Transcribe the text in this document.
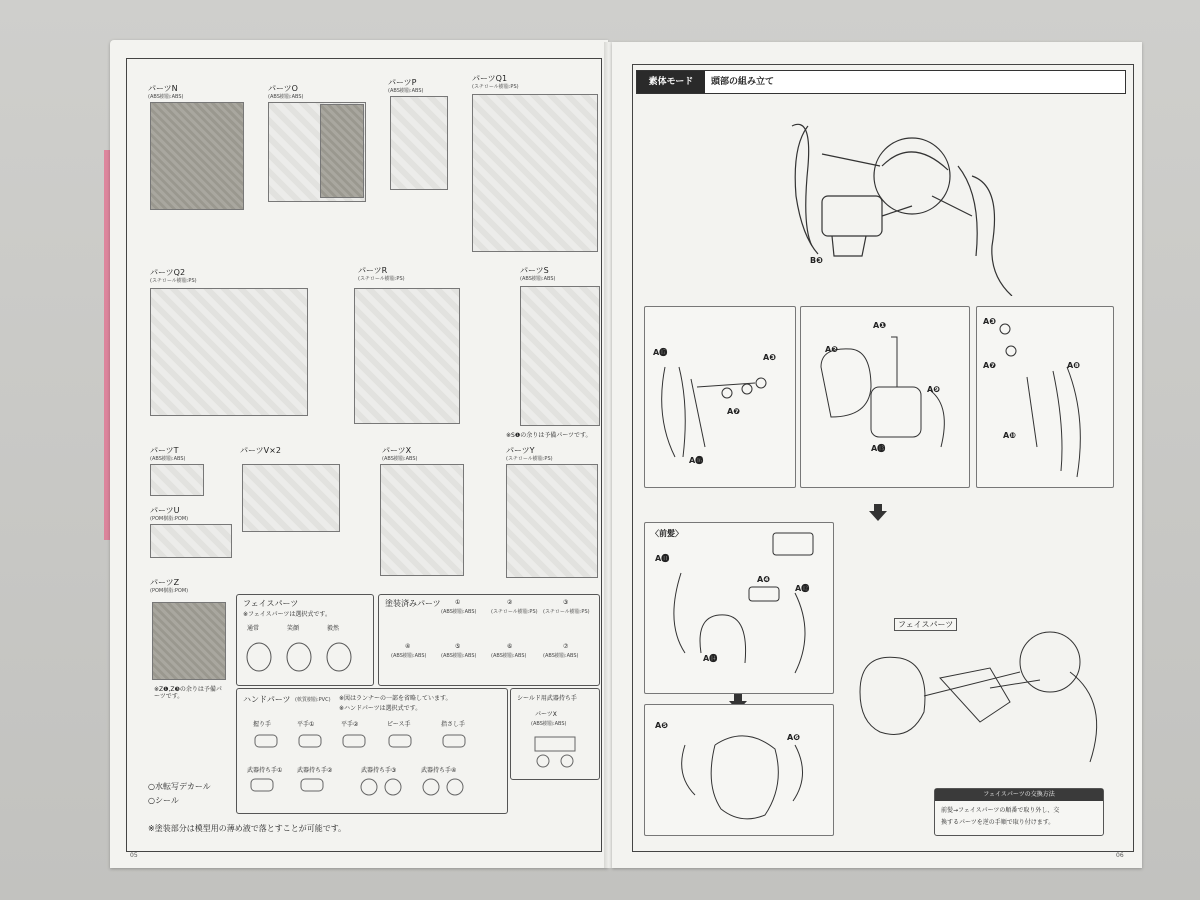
パーツN
(ABS樹脂:ABS)
パーツO
(ABS樹脂:ABS)
パーツP
(ABS樹脂:ABS)
パーツQ1
(スチロール樹脂:PS)
パーツQ2
(スチロール樹脂:PS)
パーツR
(スチロール樹脂:PS)
パーツS
(ABS樹脂:ABS)
※S❶の余りは予備パーツです。
パーツT
(ABS樹脂:ABS)
パーツV×2	パーツX
(ABS樹脂:ABS)
パーツY
(スチロール樹脂:PS)
パーツU
(POM樹脂:POM)
パーツZ
(POM樹脂:POM)
※Z❶,Z❸の余りは予備パーツです。
フェイスパーツ
※フェイスパーツは選択式です。
通常	笑顔	毅然
塗装済みパーツ ①	②	③
(ABS樹脂:ABS)	(スチロール樹脂:PS) (スチロール樹脂:PS)
④	⑤	⑥	⑦
(ABS樹脂:ABS)	(ABS樹脂:ABS)	(ABS樹脂:ABS)	(ABS樹脂:ABS)
ハンドパーツ (軟質樹脂:PVC) ※図はランナーの一部を省略しています。
※ハンドパーツは選択式です。
握り手	平手①	平手②	ピース手	指さし手
武器持ち手① 武器持ち手②	武器持ち手③	武器持ち手④
シールド用武器持ち手
パーツX
(ABS樹脂:ABS)
○水転写デカール
○シール
※塗装部分は模型用の薄め液で落とすことが可能です。
05
素体モード	頭部の組み立て
B❸
A⓱
A❸
A❼
A⓰
A❶
A❷
A❾
A⓭
A❸
A❼	A❽
A❿
〈前髪〉
A⓫
A❹
A⓬
A⓮
A❺
A❻
フェイスパーツ
フェイスパーツの交換方法
前髪→フェイスパーツの順番で取り外し、交
換するパーツを逆の手順で取り付けます。
06
